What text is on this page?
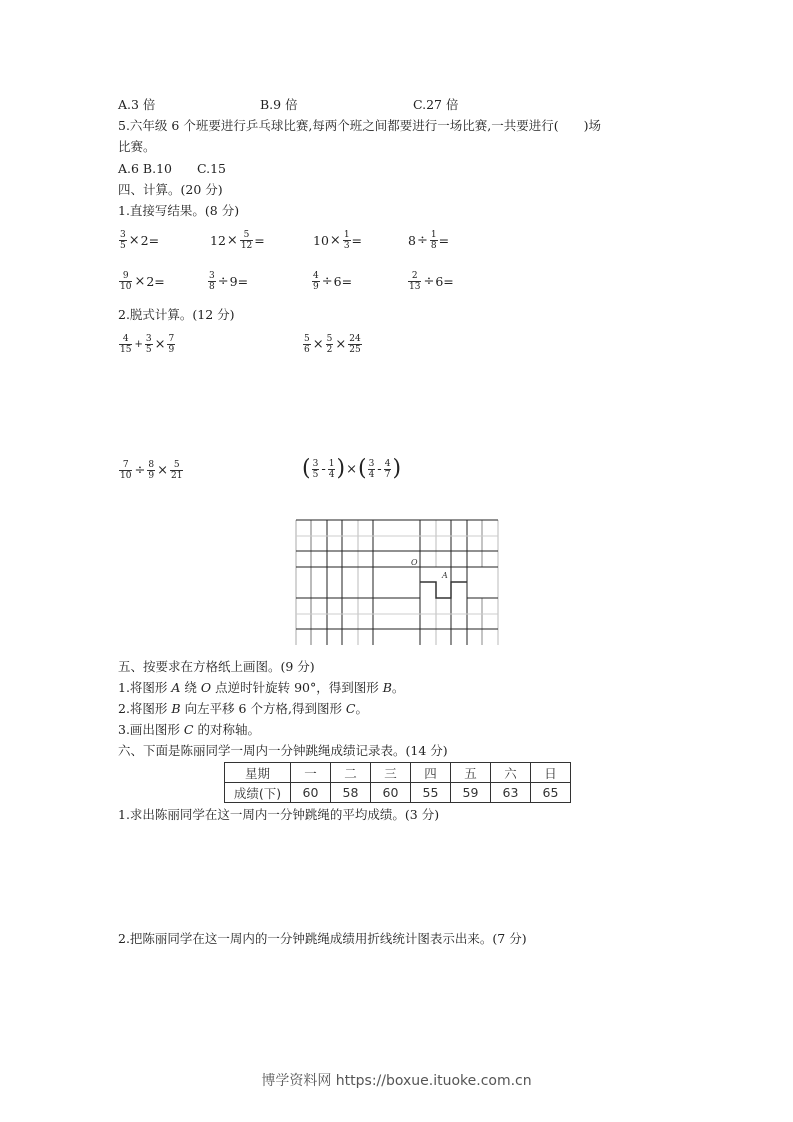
A.3 倍	B.9 倍	C.27 倍
5.六年级 6 个班要进行乒乓球比赛,每两个班之间都要进行一场比赛,一共要进行(　　)场
比赛。
A.6 B.10　　C.15
四、计算。(20 分)
1.直接写结果。(8 分)
$\frac{3}{5} \times 2=$	$12 \times \frac{5}{12}$ =	$10 \times \frac{1}{3}$ =	$8 \div \frac{1}{8}$ =
$\frac{9}{10} \times 2=$	$\frac{3}{8} \div 9=$	$\frac{4}{9} \div 6=$	$\frac{2}{13} \div 6=$
2.脱式计算。(12 分)
$\frac{4}{15} + \frac{3}{5} \times \frac{7}{9}$	$\frac{5}{6} \times \frac{5}{2} \times \frac{24}{25}$
$\frac{7}{10} \div \frac{8}{9} \times \frac{5}{21}$	( $\frac{3}{5} - \frac{1}{4}$ ) × ( $\frac{3}{4} - \frac{4}{7}$ )
O
A
五、按要求在方格纸上画图。(9 分)
1.将图形 A 绕 O 点逆时针旋转 90°，得到图形 B。
2.将图形 B 向左平移 6 个方格,得到图形 C。
3.画出图形 C 的对称轴。
六、下面是陈丽同学一周内一分钟跳绳成绩记录表。(14 分)
星期	一	二	三	四	五	六	日
成绩(下)	60	58	60	55	59	63	65
1.求出陈丽同学在这一周内一分钟跳绳的平均成绩。(3 分)
2.把陈丽同学在这一周内的一分钟跳绳成绩用折线统计图表示出来。(7 分)
博学资料网 https://boxue.ituoke.com.cn
